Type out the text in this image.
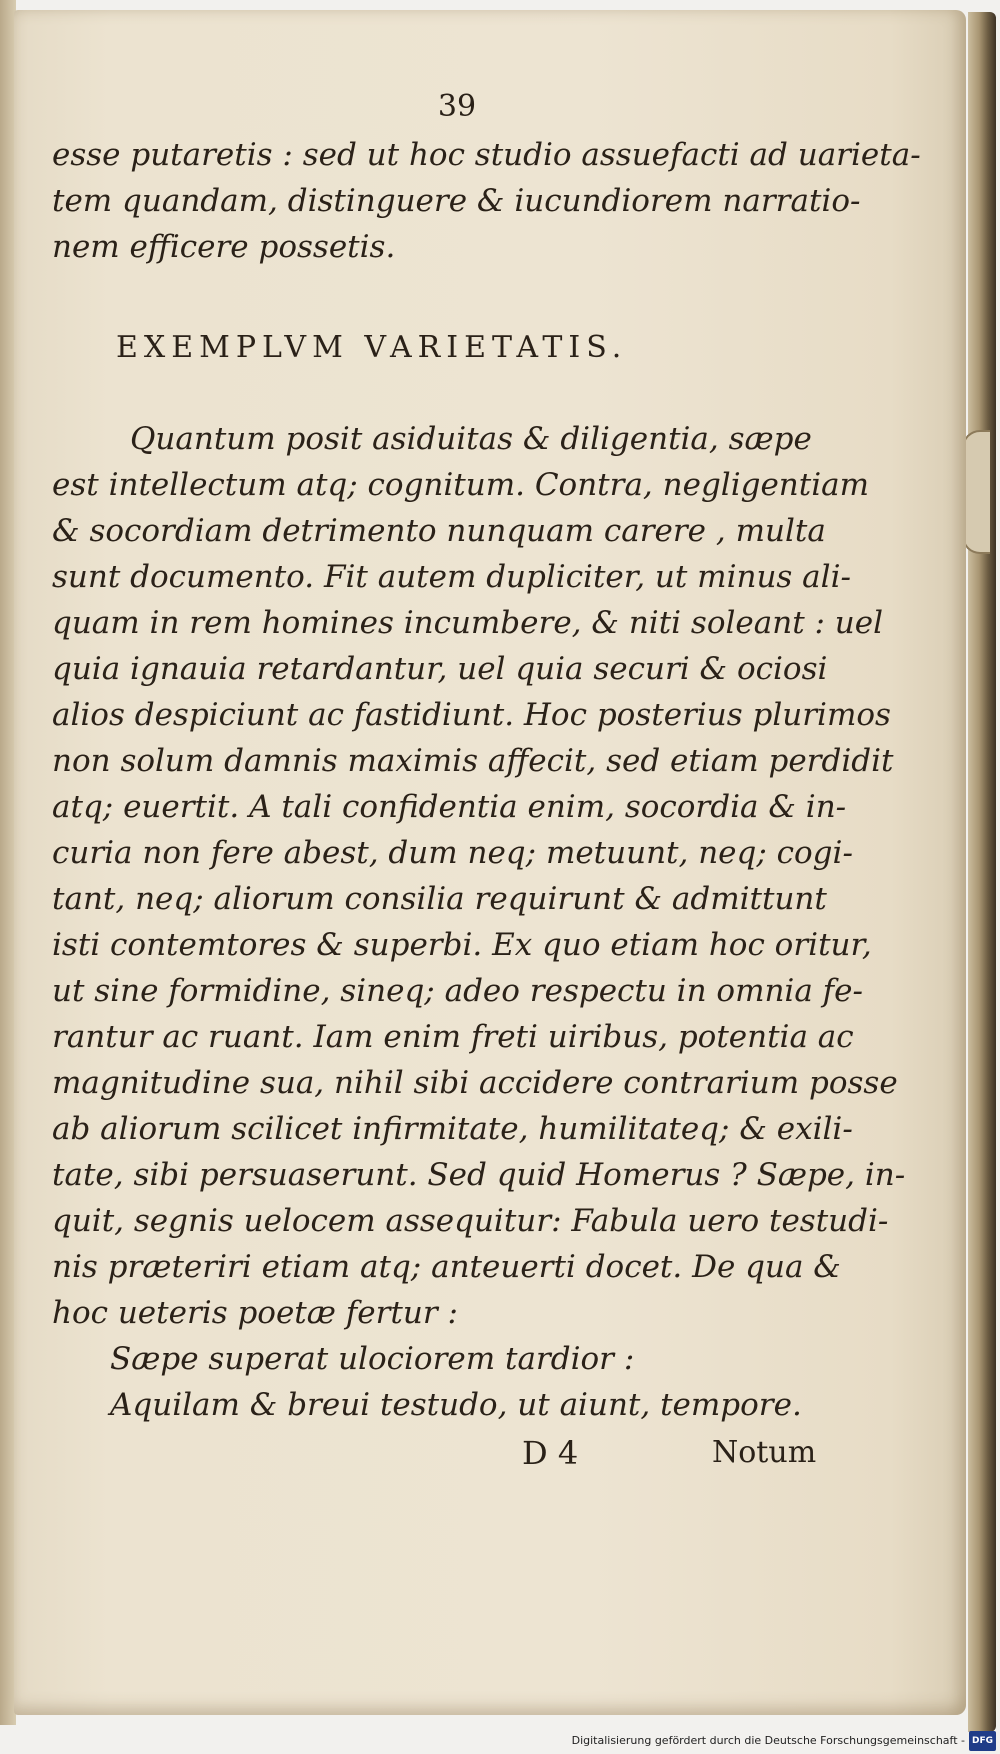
39
esse putaretis : sed ut hoc studio assuefacti ad uarieta-
tem quandam, distinguere & iucundiorem narratio-
nem efficere possetis.
EXEMPLVM VARIETATIS.
Quantum posit asiduitas & diligentia, sæpe
est intellectum atq; cognitum. Contra, negligentiam
& socordiam detrimento nunquam carere , multa
sunt documento. Fit autem dupliciter, ut minus ali-
quam in rem homines incumbere, & niti soleant : uel
quia ignauia retardantur, uel quia securi & ociosi
alios despiciunt ac fastidiunt. Hoc posterius plurimos
non solum damnis maximis affecit, sed etiam perdidit
atq; euertit. A tali confidentia enim, socordia & in-
curia non fere abest, dum neq; metuunt, neq; cogi-
tant, neq; aliorum consilia requirunt & admittunt
isti contemtores & superbi. Ex quo etiam hoc oritur,
ut sine formidine, sineq; adeo respectu in omnia fe-
rantur ac ruant. Iam enim freti uiribus, potentia ac
magnitudine sua, nihil sibi accidere contrarium posse
ab aliorum scilicet infirmitate, humilitateq; & exili-
tate, sibi persuaserunt. Sed quid Homerus ? Sæpe, in-
quit, segnis uelocem assequitur: Fabula uero testudi-
nis præteriri etiam atq; anteuerti docet. De qua &
hoc ueteris poetæ fertur :
Sæpe superat ulociorem tardior :
Aquilam & breui testudo, ut aiunt, tempore.
D 4	Notum
Digitalisierung gefördert durch die Deutsche Forschungsgemeinschaft - DFG
